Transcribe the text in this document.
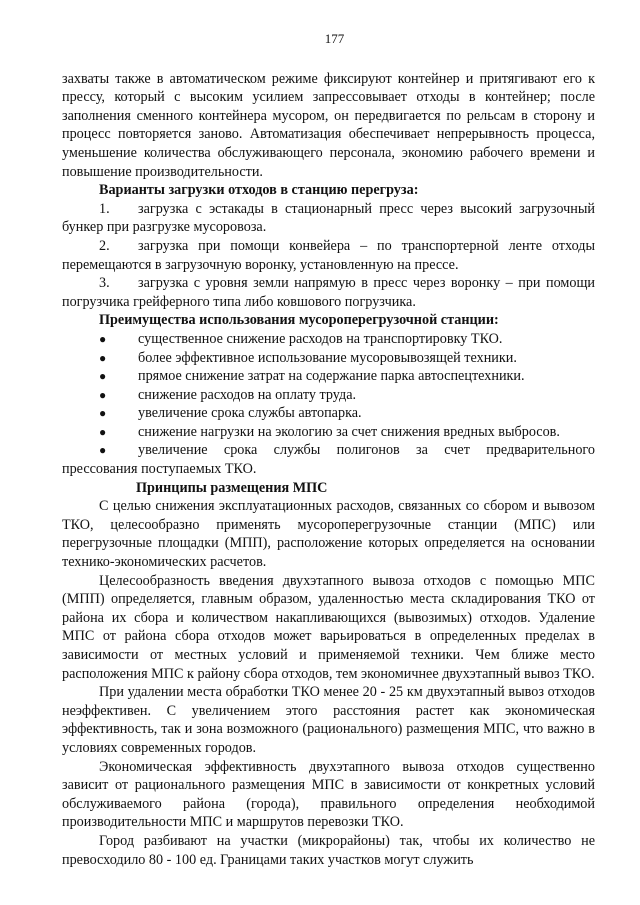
177

захваты также в автоматическом режиме фиксируют контейнер и притягивают его к прессу, который с высоким усилием запрессовывает отходы в контейнер; после заполнения сменного контейнера мусором, он передвигается по рельсам в сторону и процесс повторяется заново. Автоматизация обеспечивает непрерывность процесса, уменьшение количества обслуживающего персонала, экономию рабочего времени и повышение производительности.

Варианты загрузки отходов в станцию перегруза:

1. загрузка с эстакады в стационарный пресс через высокий загрузочный бункер при разгрузке мусоровоза.

2. загрузка при помощи конвейера – по транспортерной ленте отходы перемещаются в загрузочную воронку, установленную на прессе.

3. загрузка с уровня земли напрямую в пресс через воронку – при помощи погрузчика грейферного типа либо ковшового погрузчика.

Преимущества использования мусороперегрузочной станции:

● существенное снижение расходов на транспортировку ТКО.

● более эффективное использование мусоровывозящей техники.

● прямое снижение затрат на содержание парка автоспецтехники.

● снижение расходов на оплату труда.

● увеличение срока службы автопарка.

● снижение нагрузки на экологию за счет снижения вредных выбросов.

● увеличение срока службы полигонов за счет предварительного прессования поступаемых ТКО.

Принципы размещения МПС

С целью снижения эксплуатационных расходов, связанных со сбором и вывозом ТКО, целесообразно применять мусороперегрузочные станции (МПС) или перегрузочные площадки (МПП), расположение которых определяется на основании технико-экономических расчетов.

Целесообразность введения двухэтапного вывоза отходов с помощью МПС (МПП) определяется, главным образом, удаленностью места складирования ТКО от района их сбора и количеством накапливающихся (вывозимых) отходов. Удаление МПС от района сбора отходов может варьироваться в определенных пределах в зависимости от местных условий и применяемой техники. Чем ближе место расположения МПС к району сбора отходов, тем экономичнее двухэтапный вывоз ТКО.

При удалении места обработки ТКО менее 20 - 25 км двухэтапный вывоз отходов неэффективен. С увеличением этого расстояния растет как экономическая эффективность, так и зона возможного (рационального) размещения МПС, что важно в условиях современных городов.

Экономическая эффективность двухэтапного вывоза отходов существенно зависит от рационального размещения МПС в зависимости от конкретных условий обслуживаемого района (города), правильного определения необходимой производительности МПС и маршрутов перевозки ТКО.

Город разбивают на участки (микрорайоны) так, чтобы их количество не превосходило 80 - 100 ед. Границами таких участков могут служить
